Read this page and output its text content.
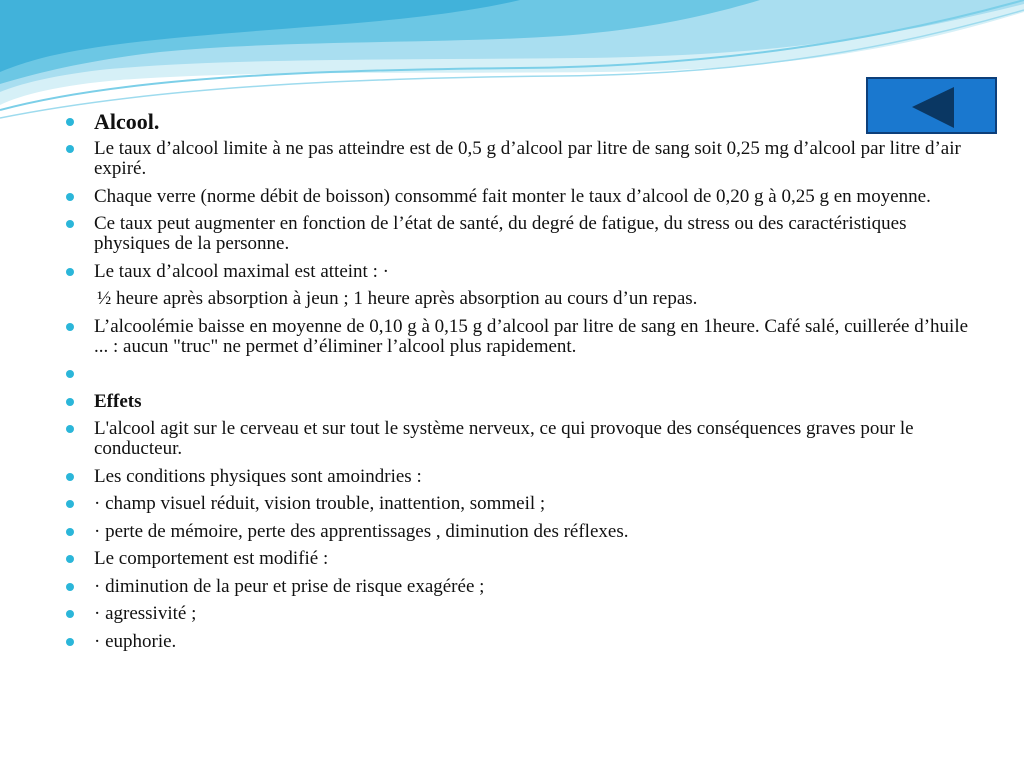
Alcool.
Le taux d’alcool limite à ne pas atteindre est de 0,5 g d’alcool par litre de sang soit 0,25 mg d’alcool par litre d’air expiré.
Chaque verre (norme débit de boisson) consommé fait monter le taux d’alcool de 0,20 g à 0,25 g en moyenne.
Ce taux peut augmenter en fonction de l’état de santé, du degré de fatigue, du stress ou des caractéristiques physiques de la personne.
Le taux d’alcool maximal est atteint : ·
½ heure après absorption à jeun ; 1 heure après absorption au cours d’un repas.
L’alcoolémie baisse en moyenne de 0,10 g à 0,15 g d’alcool par litre de sang en 1heure. Café salé, cuillerée d’huile ... : aucun "truc" ne permet d’éliminer l’alcool plus rapidement.
Effets
L'alcool agit sur le cerveau et sur tout le système nerveux, ce qui provoque des conséquences graves pour le conducteur.
Les conditions physiques sont amoindries :
· champ visuel réduit, vision trouble, inattention, sommeil ;
· perte de mémoire, perte des apprentissages , diminution des réflexes.
Le comportement est modifié :
· diminution de la peur et prise de risque exagérée ;
· agressivité ;
· euphorie.
